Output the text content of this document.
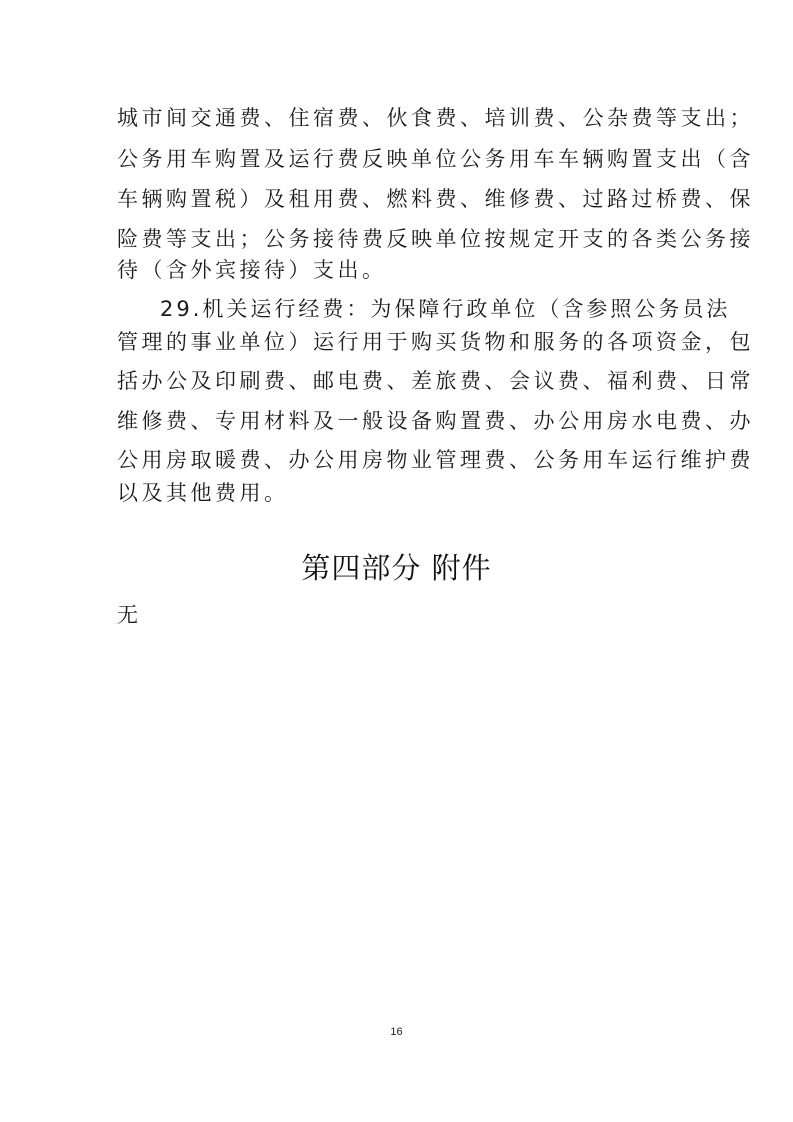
城市间交通费、住宿费、伙食费、培训费、公杂费等支出；
公务用车购置及运行费反映单位公务用车车辆购置支出（含
车辆购置税）及租用费、燃料费、维修费、过路过桥费、保
险费等支出；公务接待费反映单位按规定开支的各类公务接
待（含外宾接待）支出。
29.机关运行经费：为保障行政单位（含参照公务员法
管理的事业单位）运行用于购买货物和服务的各项资金，包
括办公及印刷费、邮电费、差旅费、会议费、福利费、日常
维修费、专用材料及一般设备购置费、办公用房水电费、办
公用房取暖费、办公用房物业管理费、公务用车运行维护费
以及其他费用。
第四部分 附件
无
16
